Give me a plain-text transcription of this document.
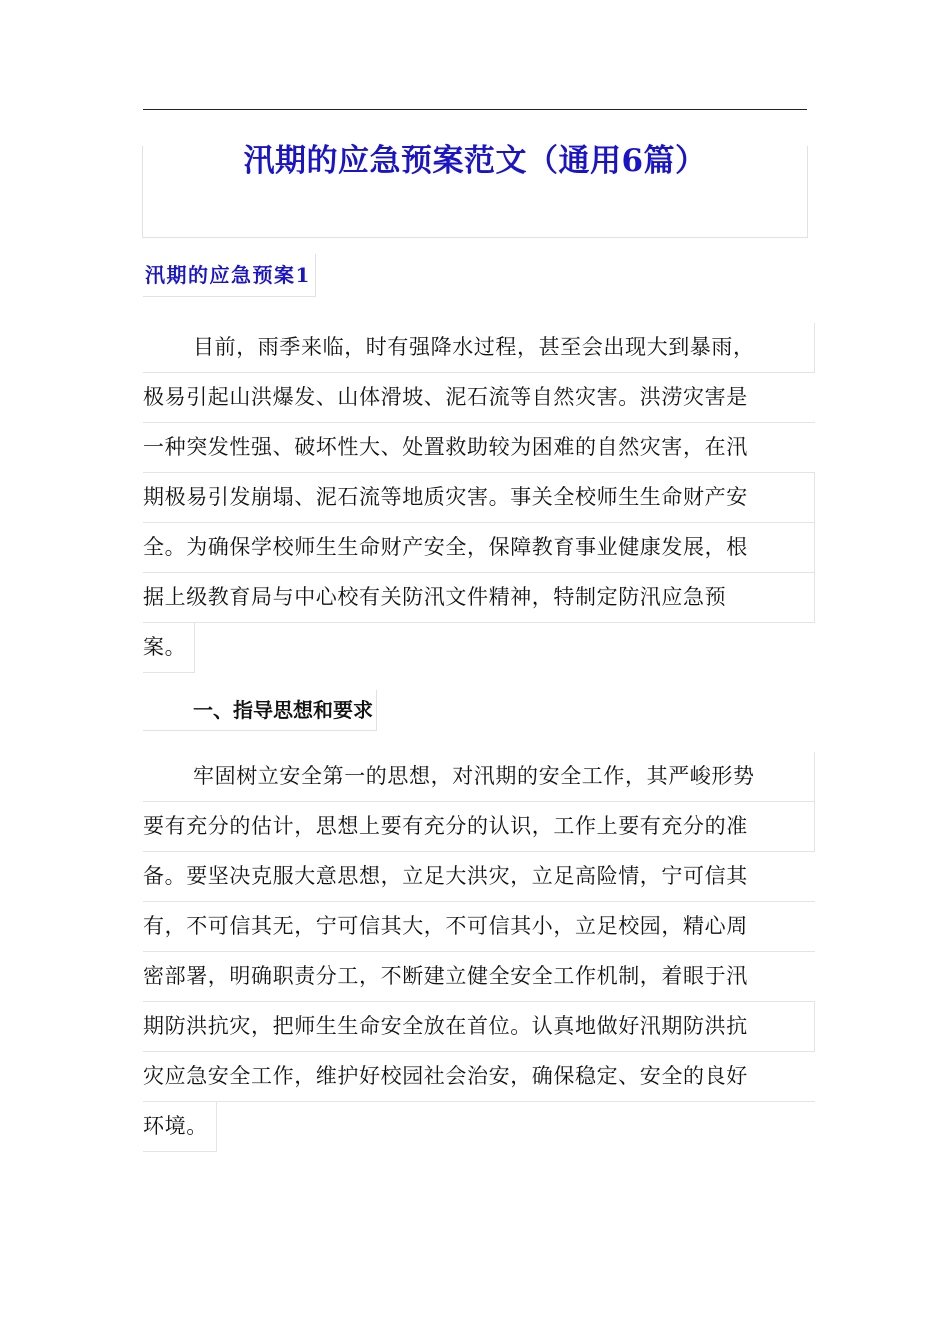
汛期的应急预案范文（通用6篇）
汛期的应急预案1
目前，雨季来临，时有强降水过程，甚至会出现大到暴雨，
极易引起山洪爆发、山体滑坡、泥石流等自然灾害。洪涝灾害是
一种突发性强、破坏性大、处置救助较为困难的自然灾害，在汛
期极易引发崩塌、泥石流等地质灾害。事关全校师生生命财产安
全。为确保学校师生生命财产安全，保障教育事业健康发展，根
据上级教育局与中心校有关防汛文件精神，特制定防汛应急预
案。
一、指导思想和要求
牢固树立安全第一的思想，对汛期的安全工作，其严峻形势
要有充分的估计，思想上要有充分的认识，工作上要有充分的准
备。要坚决克服大意思想，立足大洪灾，立足高险情，宁可信其
有，不可信其无，宁可信其大，不可信其小，立足校园，精心周
密部署，明确职责分工，不断建立健全安全工作机制，着眼于汛
期防洪抗灾，把师生生命安全放在首位。认真地做好汛期防洪抗
灾应急安全工作，维护好校园社会治安，确保稳定、安全的良好
环境。
